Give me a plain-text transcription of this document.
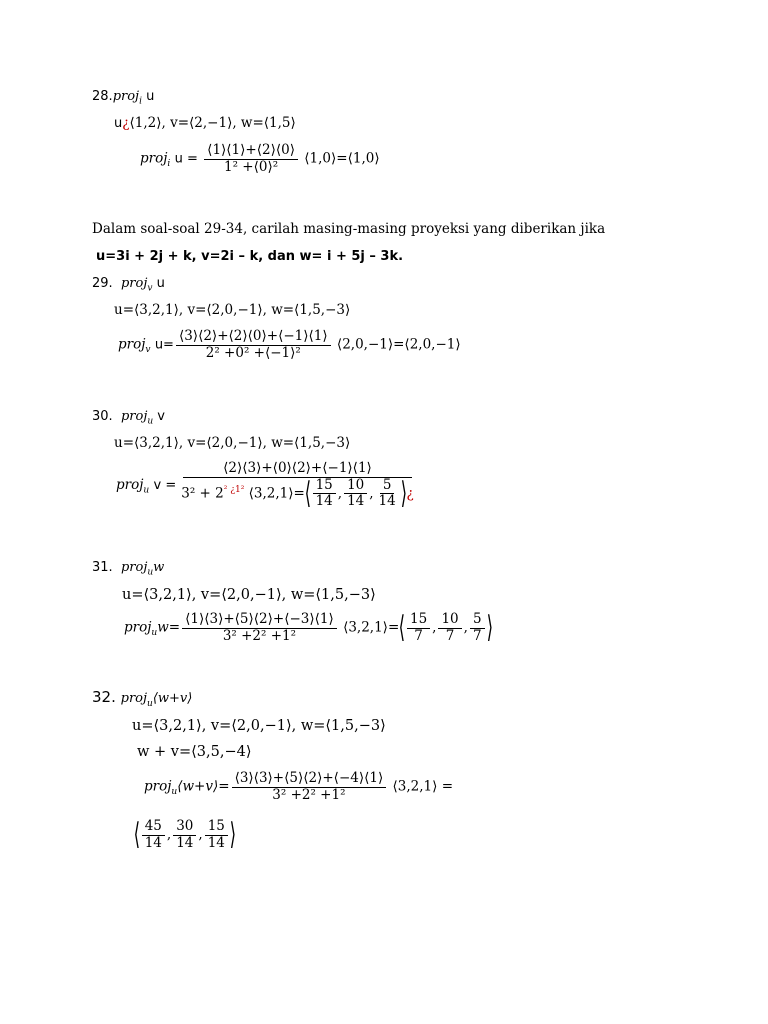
28.proj$_i$ u
u¿⟨1,2⟩, v=⟨2,−1⟩, w=⟨1,5⟩
proj$_i$ $u = \frac{⟨1⟩⟨1⟩+⟨2⟩⟨0⟩}{\text{1² +⟨0⟩²}}$ ⟨1,0⟩=⟨1,0⟩
Dalam soal-soal 29-34, carilah masing-masing proyeksi yang diberikan jika
u=3i + 2j + k, v=2i – k, dan w= i + 5j – 3k.
29. proj$_v$ u
u=⟨3,2,1⟩, v=⟨2,0,−1⟩, w=⟨1,5,−3⟩
proj$_v$ $u= \frac{⟨3⟩⟨2⟩+⟨2⟩⟨0⟩+⟨-1⟩⟨1⟩}{\text{2² +0² +⟨−1⟩²}}$ ⟨2,0,−1⟩=⟨2,0,−1⟩
30. proj$_u$ v
u=⟨3,2,1⟩, v=⟨2,0,−1⟩, w=⟨1,5,−3⟩
proj$_u$ $v = \frac{⟨2⟩⟨3⟩+⟨0⟩⟨2⟩+⟨-1⟩⟨1⟩}{3^2 + 2^{^2 ¿1^2} ⟨3,2,1⟩=⟨ \frac{15}{14} , \frac{10}{14} , \frac{5}{14} ⟩¿}$
31. proj$_u$w
u=⟨3,2,1⟩, v=⟨2,0,−1⟩, w=⟨1,5,−3⟩
proj$_u$w= $\frac{⟨1⟩⟨3⟩+⟨5⟩⟨2⟩+⟨-3⟩⟨1⟩}{\text{3² +2² +1²}}$ ⟨3,2,1⟩=⟨ $\frac{15}{7}$ , $\frac{10}{7}$ , $\frac{5}{7}$ ⟩
32. proj$_u$⟨w+v⟩
u=⟨3,2,1⟩, v=⟨2,0,−1⟩, w=⟨1,5,−3⟩
w + v=⟨3,5,−4⟩
proj$_u$⟨w+v⟩= $\frac{⟨3⟩⟨3⟩+⟨5⟩⟨2⟩+⟨-4⟩⟨1⟩}{\text{3² +2² +1²}}$ ⟨3,2,1⟩ =
⟨ $\frac{45}{14}$ , $\frac{30}{14}$ , $\frac{15}{14}$ ⟩
